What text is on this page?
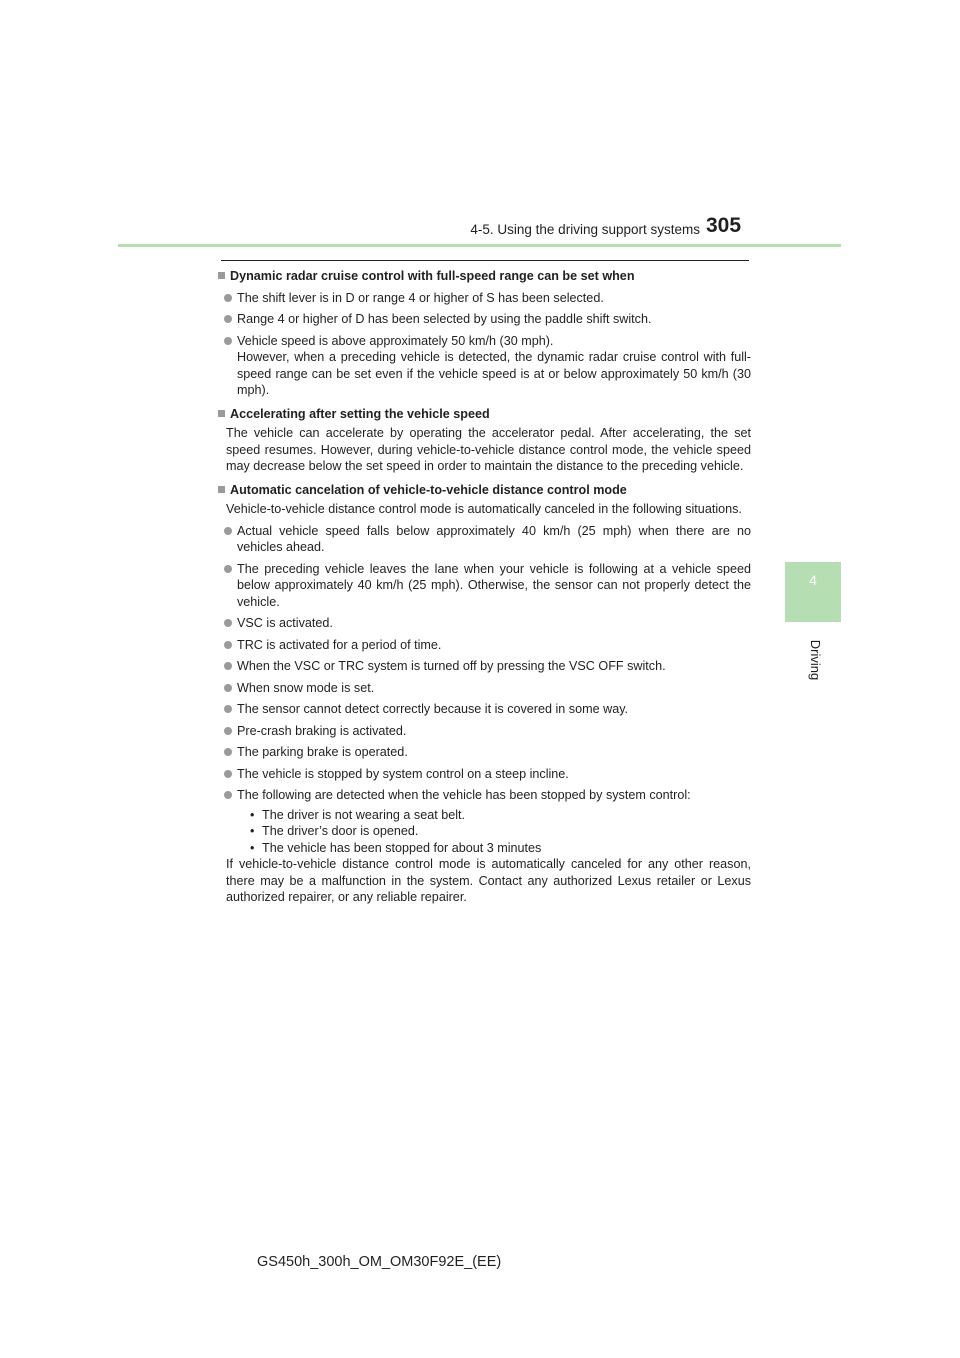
4-5. Using the driving support systems 305
4
Driving
Dynamic radar cruise control with full-speed range can be set when
The shift lever is in D or range 4 or higher of S has been selected.
Range 4 or higher of D has been selected by using the paddle shift switch.
Vehicle speed is above approximately 50 km/h (30 mph).
However, when a preceding vehicle is detected, the dynamic radar cruise control with full-speed range can be set even if the vehicle speed is at or below approximately 50 km/h (30 mph).
Accelerating after setting the vehicle speed
The vehicle can accelerate by operating the accelerator pedal. After accelerating, the set speed resumes. However, during vehicle-to-vehicle distance control mode, the vehicle speed may decrease below the set speed in order to maintain the distance to the preceding vehicle.
Automatic cancelation of vehicle-to-vehicle distance control mode
Vehicle-to-vehicle distance control mode is automatically canceled in the following situations.
Actual vehicle speed falls below approximately 40 km/h (25 mph) when there are no vehicles ahead.
The preceding vehicle leaves the lane when your vehicle is following at a vehicle speed below approximately 40 km/h (25 mph). Otherwise, the sensor can not properly detect the vehicle.
VSC is activated.
TRC is activated for a period of time.
When the VSC or TRC system is turned off by pressing the VSC OFF switch.
When snow mode is set.
The sensor cannot detect correctly because it is covered in some way.
Pre-crash braking is activated.
The parking brake is operated.
The vehicle is stopped by system control on a steep incline.
The following are detected when the vehicle has been stopped by system control:
• The driver is not wearing a seat belt.
• The driver’s door is opened.
• The vehicle has been stopped for about 3 minutes
If vehicle-to-vehicle distance control mode is automatically canceled for any other reason, there may be a malfunction in the system. Contact any authorized Lexus retailer or Lexus authorized repairer, or any reliable repairer.
GS450h_300h_OM_OM30F92E_(EE)
